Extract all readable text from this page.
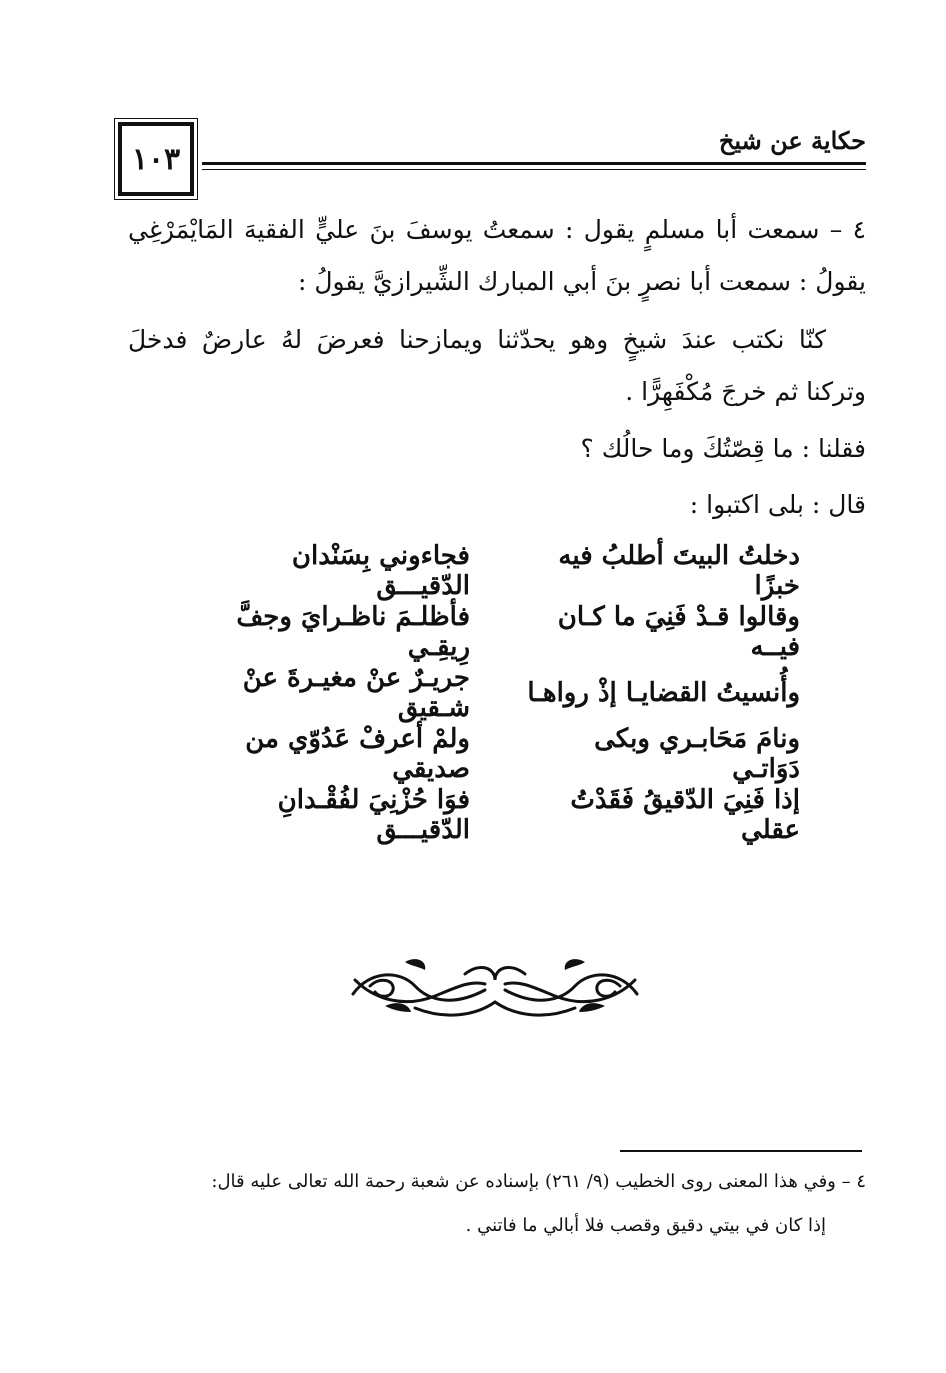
١٠٣
حكاية عن شيخ
٤ – سمعت أبا مسلمٍ يقول : سمعتُ يوسفَ بنَ عليٍّ الفقيهَ المَايْمَرْغِي يقولُ : سمعت أبا نصرٍ بنَ أبي المبارك الشِّيرازيَّ يقولُ :
كنّا نكتب عندَ شيخٍ وهو يحدّثنا ويمازحنا فعرضَ لهُ عارضٌ فدخلَ وتركنا ثم خرجَ مُكْفَهِرًّا .
فقلنا : ما قِصّتُكَ وما حالُك ؟
قال : بلى اكتبوا :
دخلتُ البيتَ أطلبُ فيه خبزًا
فجاءوني بِسَنْدان الدّقيـــق
وقالوا قـدْ فَنِيَ ما كـان فيــه
فأظلـمَ ناظـرايَ وجفَّ رِيقِـي
وأُنسيتُ القضايـا إذْ رواهـا
جريـرٌ عنْ مغيـرةَ عنْ شـقيق
ونامَ مَحَابـري وبكى دَوَاتـي
ولمْ أعرفْ عَدُوّي من صديقي
إذا فَنِيَ الدّقيقُ فَقَدْتُ عقلي
فوَا حُزْنِيَ لفُقْـدانِ الدّقيـــق
٤ – وفي هذا المعنى روى الخطيب (٩/ ٢٦١) بإسناده عن شعبة رحمة الله تعالى عليه قال:
إذا كان في بيتي دقيق وقصب فلا أبالي ما فاتني .
